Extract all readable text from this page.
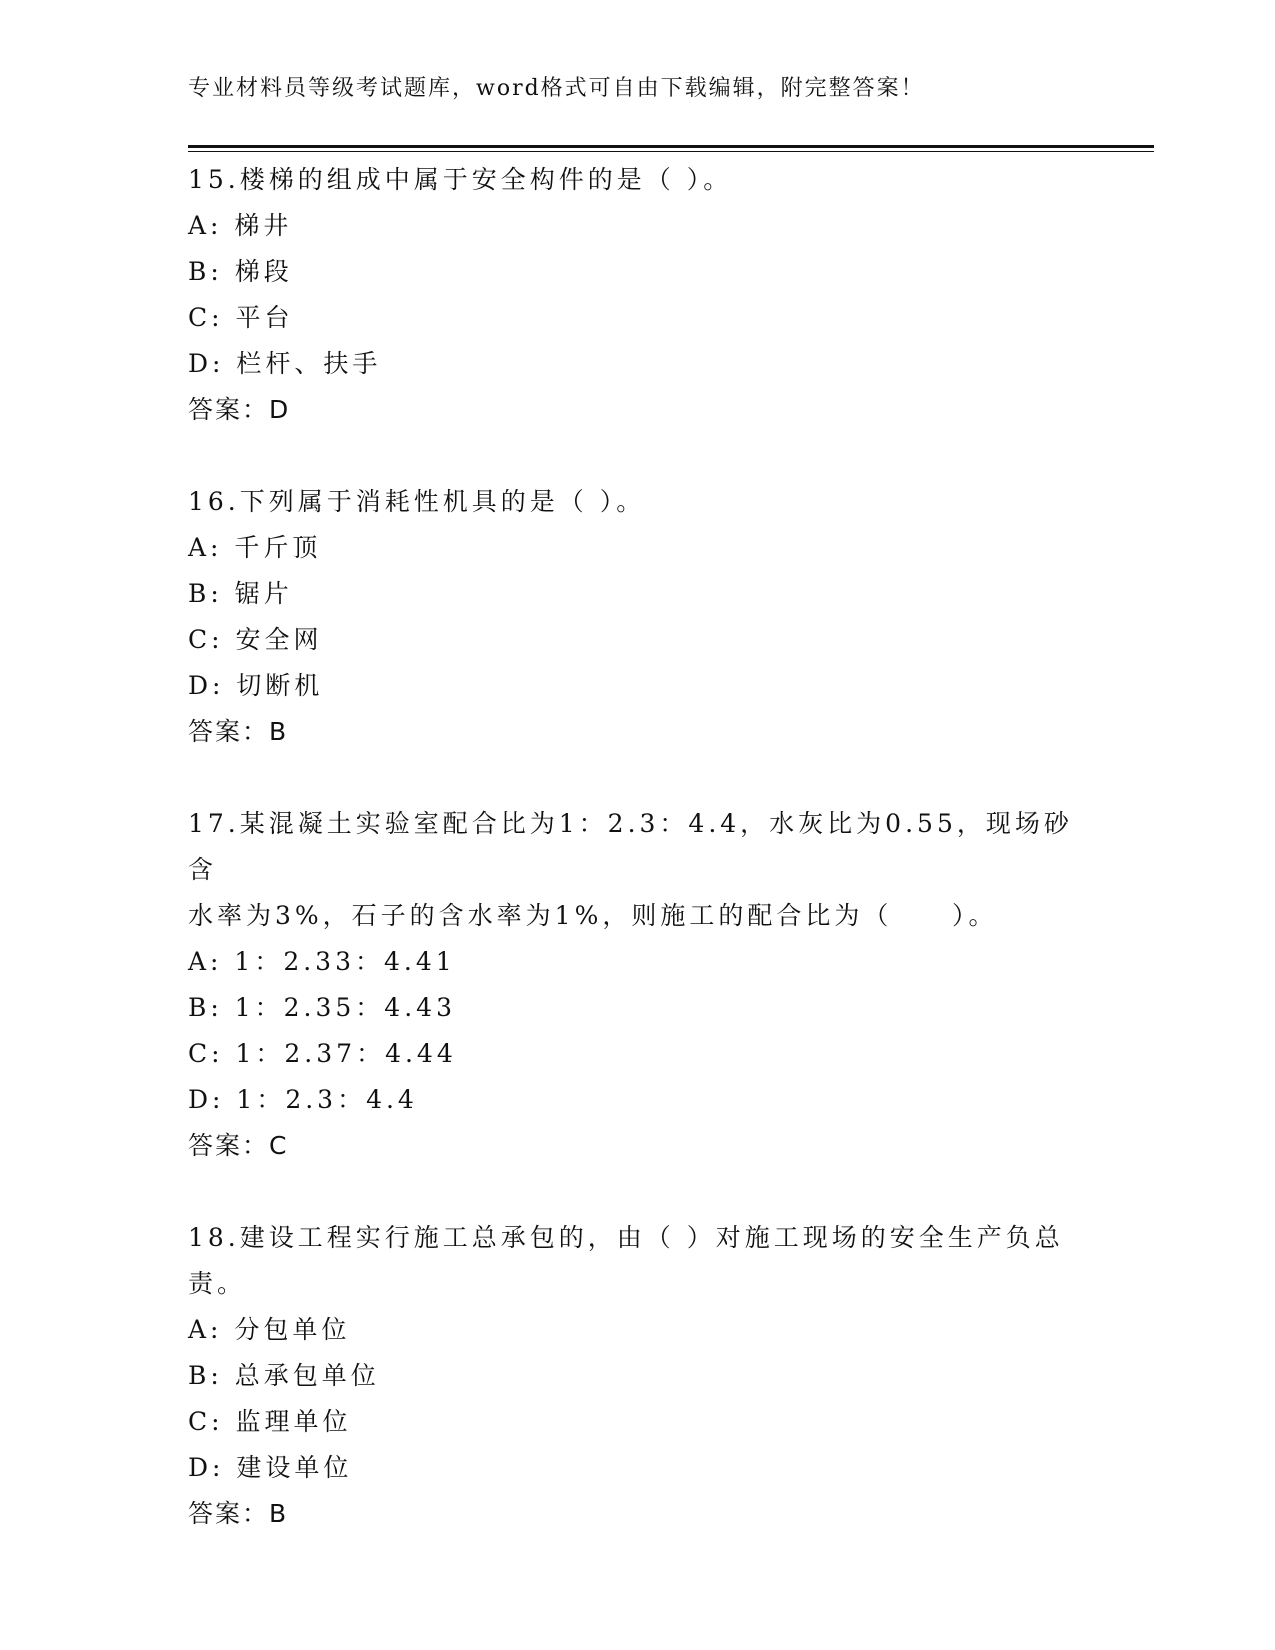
专业材料员等级考试题库，word格式可自由下载编辑，附完整答案！
15.楼梯的组成中属于安全构件的是（ ）。
A: 梯井
B: 梯段
C: 平台
D: 栏杆、扶手
答案：D
16.下列属于消耗性机具的是（ ）。
A: 千斤顶
B: 锯片
C: 安全网
D: 切断机
答案：B
17.某混凝土实验室配合比为1：2.3：4.4，水灰比为0.55，现场砂含
水率为3%，石子的含水率为1%，则施工的配合比为（     ）。
A: 1：2.33：4.41
B: 1：2.35：4.43
C: 1：2.37：4.44
D: 1：2.3：4.4
答案：C
18.建设工程实行施工总承包的，由（ ）对施工现场的安全生产负总
责。
A: 分包单位
B: 总承包单位
C: 监理单位
D: 建设单位
答案：B
